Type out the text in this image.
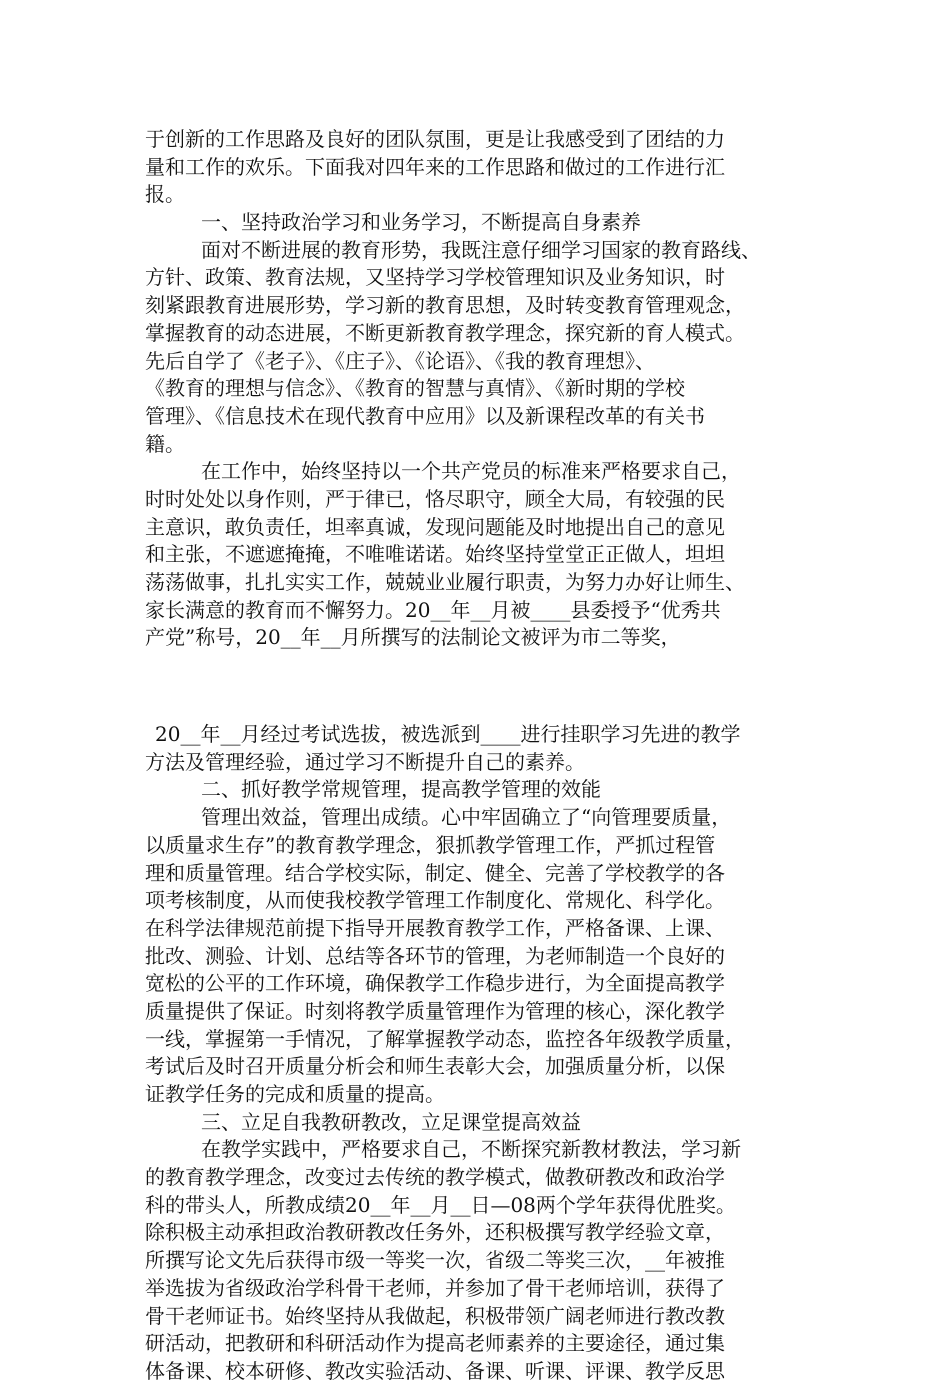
于创新的工作思路及良好的团队氛围，更是让我感受到了团结的力
量和工作的欢乐。下面我对四年来的工作思路和做过的工作进行汇
报。
一、坚持政治学习和业务学习，不断提高自身素养
面对不断进展的教育形势，我既注意仔细学习国家的教育路线、
方针、政策、教育法规，又坚持学习学校管理知识及业务知识，时
刻紧跟教育进展形势，学习新的教育思想，及时转变教育管理观念，
掌握教育的动态进展，不断更新教育教学理念，探究新的育人模式。
先后自学了《老子》、《庄子》、《论语》、《我的教育理想》、
《教育的理想与信念》、《教育的智慧与真情》、《新时期的学校
管理》、《信息技术在现代教育中应用》以及新课程改革的有关书
籍。
在工作中，始终坚持以一个共产党员的标准来严格要求自己，
时时处处以身作则，严于律已，恪尽职守，顾全大局，有较强的民
主意识，敢负责任，坦率真诚，发现问题能及时地提出自己的意见
和主张，不遮遮掩掩，不唯唯诺诺。始终坚持堂堂正正做人，坦坦
荡荡做事，扎扎实实工作，兢兢业业履行职责，为努力办好让师生、
家长满意的教育而不懈努力。20__年__月被____县委授予“优秀共
产党”称号，20__年__月所撰写的法制论文被评为市二等奖，
20__年__月经过考试选拔，被选派到____进行挂职学习先进的教学
方法及管理经验，通过学习不断提升自己的素养。
二、抓好教学常规管理，提高教学管理的效能
管理出效益，管理出成绩。心中牢固确立了“向管理要质量，
以质量求生存”的教育教学理念，狠抓教学管理工作，严抓过程管
理和质量管理。结合学校实际，制定、健全、完善了学校教学的各
项考核制度，从而使我校教学管理工作制度化、常规化、科学化。
在科学法律规范前提下指导开展教育教学工作，严格备课、上课、
批改、测验、计划、总结等各环节的管理，为老师制造一个良好的
宽松的公平的工作环境，确保教学工作稳步进行，为全面提高教学
质量提供了保证。时刻将教学质量管理作为管理的核心，深化教学
一线，掌握第一手情况，了解掌握教学动态，监控各年级教学质量，
考试后及时召开质量分析会和师生表彰大会，加强质量分析，以保
证教学任务的完成和质量的提高。
三、立足自我教研教改，立足课堂提高效益
在教学实践中，严格要求自己，不断探究新教材教法，学习新
的教育教学理念，改变过去传统的教学模式，做教研教改和政治学
科的带头人，所教成绩20__年__月__日—08两个学年获得优胜奖。
除积极主动承担政治教研教改任务外，还积极撰写教学经验文章，
所撰写论文先后获得市级一等奖一次，省级二等奖三次，__年被推
举选拔为省级政治学科骨干老师，并参加了骨干老师培训，获得了
骨干老师证书。始终坚持从我做起，积极带领广阔老师进行教改教
研活动，把教研和科研活动作为提高老师素养的主要途径，通过集
体备课、校本研修、教改实验活动、备课、听课、评课、教学反思
